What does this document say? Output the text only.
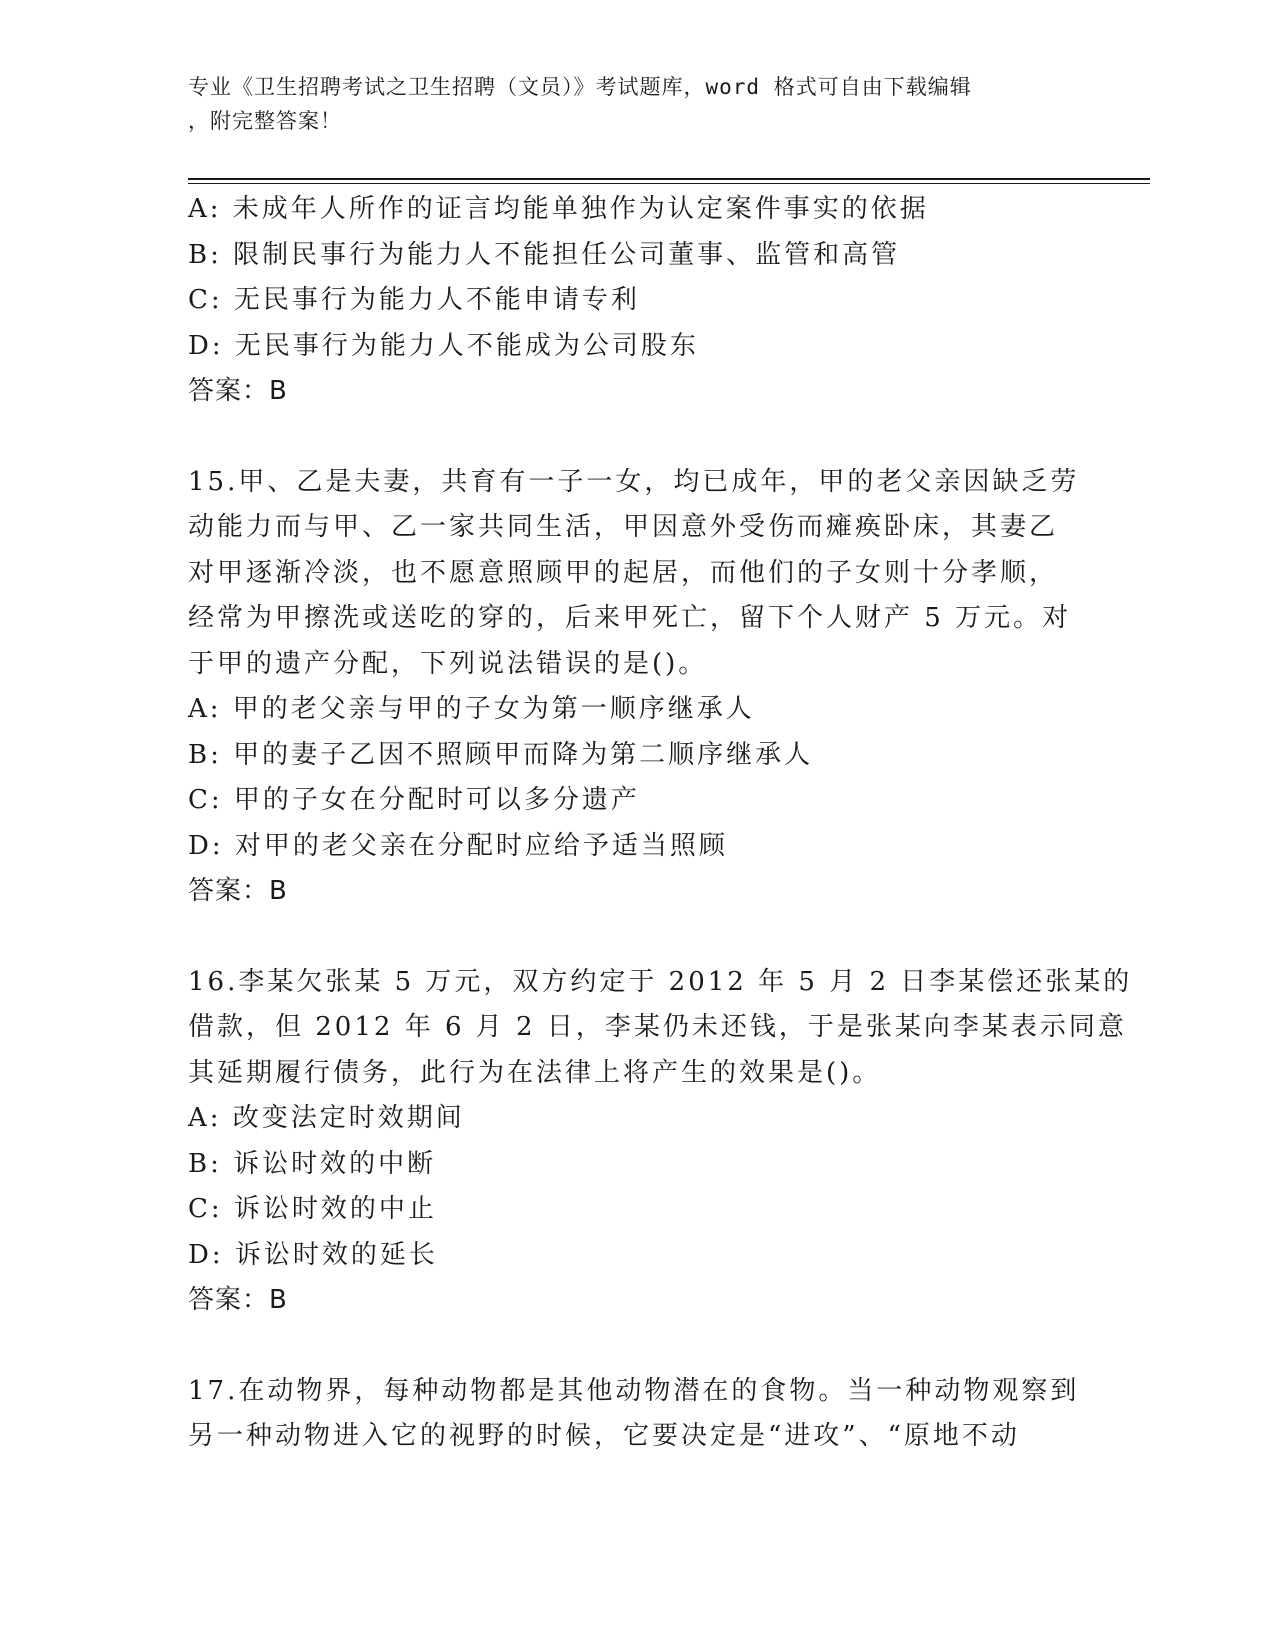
专业《卫生招聘考试之卫生招聘（文员）》考试题库，word 格式可自由下载编辑
，附完整答案！
A: 未成年人所作的证言均能单独作为认定案件事实的依据
B: 限制民事行为能力人不能担任公司董事、监管和高管
C: 无民事行为能力人不能申请专利
D: 无民事行为能力人不能成为公司股东
答案：B
15.甲、乙是夫妻，共育有一子一女，均已成年，甲的老父亲因缺乏劳
动能力而与甲、乙一家共同生活，甲因意外受伤而瘫痪卧床，其妻乙
对甲逐渐冷淡，也不愿意照顾甲的起居，而他们的子女则十分孝顺，
经常为甲擦洗或送吃的穿的，后来甲死亡，留下个人财产 5 万元。对
于甲的遗产分配，下列说法错误的是()。
A: 甲的老父亲与甲的子女为第一顺序继承人
B: 甲的妻子乙因不照顾甲而降为第二顺序继承人
C: 甲的子女在分配时可以多分遗产
D: 对甲的老父亲在分配时应给予适当照顾
答案：B
16.李某欠张某 5 万元，双方约定于 2012 年 5 月 2 日李某偿还张某的
借款，但 2012 年 6 月 2 日，李某仍未还钱，于是张某向李某表示同意
其延期履行债务，此行为在法律上将产生的效果是()。
A: 改变法定时效期间
B: 诉讼时效的中断
C: 诉讼时效的中止
D: 诉讼时效的延长
答案：B
17.在动物界，每种动物都是其他动物潜在的食物。当一种动物观察到
另一种动物进入它的视野的时候，它要决定是“进攻”、“原地不动
